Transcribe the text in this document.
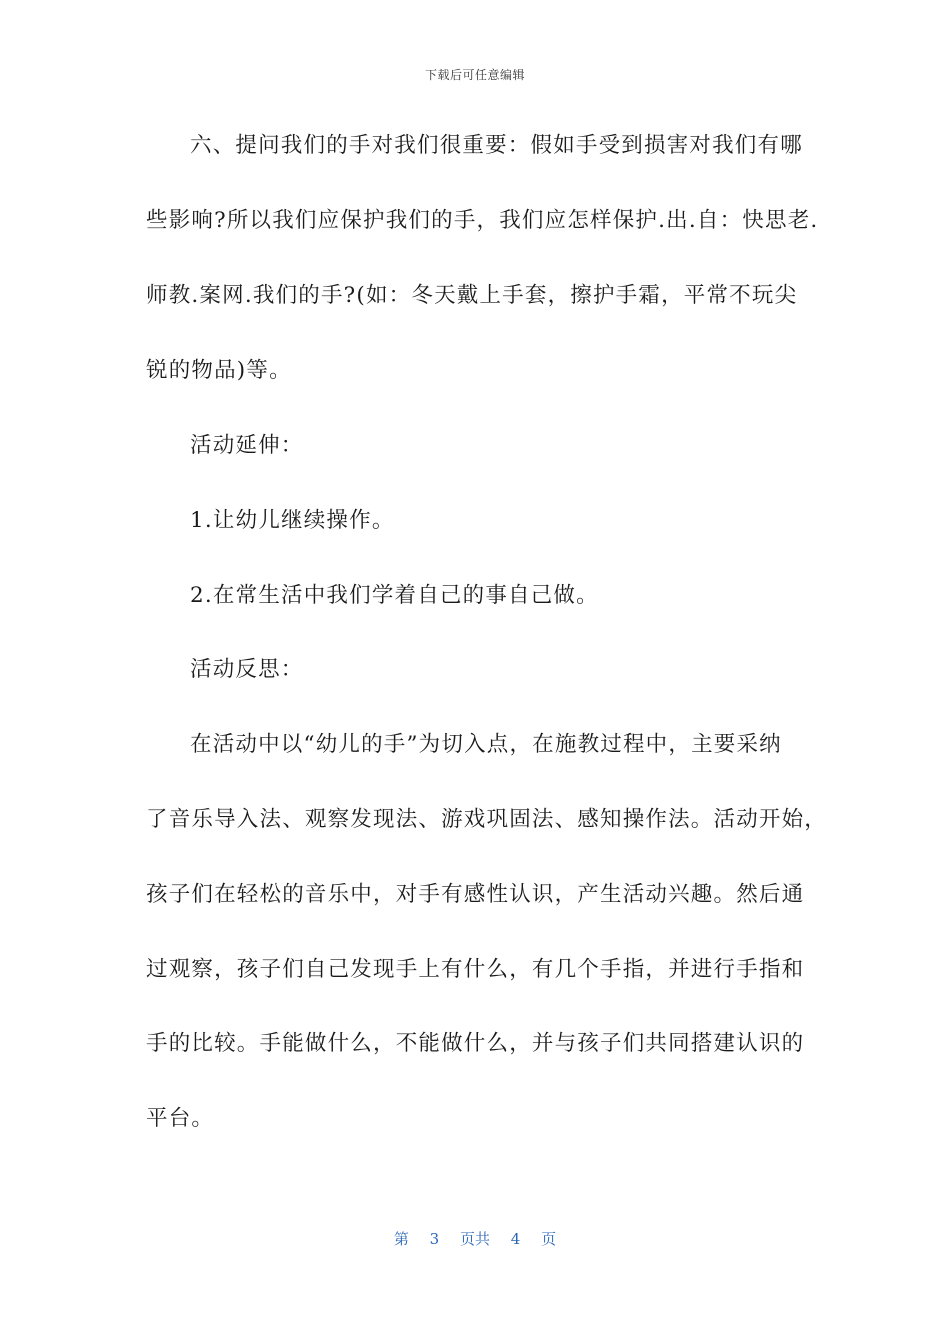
下载后可任意编辑
六、提问我们的手对我们很重要：假如手受到损害对我们有哪
些影响?所以我们应保护我们的手，我们应怎样保护.出.自：快思老.
师教.案网.我们的手?(如：冬天戴上手套，擦护手霜，平常不玩尖
锐的物品)等。
活动延伸：
1.让幼儿继续操作。
2.在常生活中我们学着自己的事自己做。
活动反思：
在活动中以“幼儿的手”为切入点，在施教过程中，主要采纳
了音乐导入法、观察发现法、游戏巩固法、感知操作法。活动开始，
孩子们在轻松的音乐中，对手有感性认识，产生活动兴趣。然后通
过观察，孩子们自己发现手上有什么，有几个手指，并进行手指和
手的比较。手能做什么，不能做什么，并与孩子们共同搭建认识的
平台。
第 3 页共 4 页
